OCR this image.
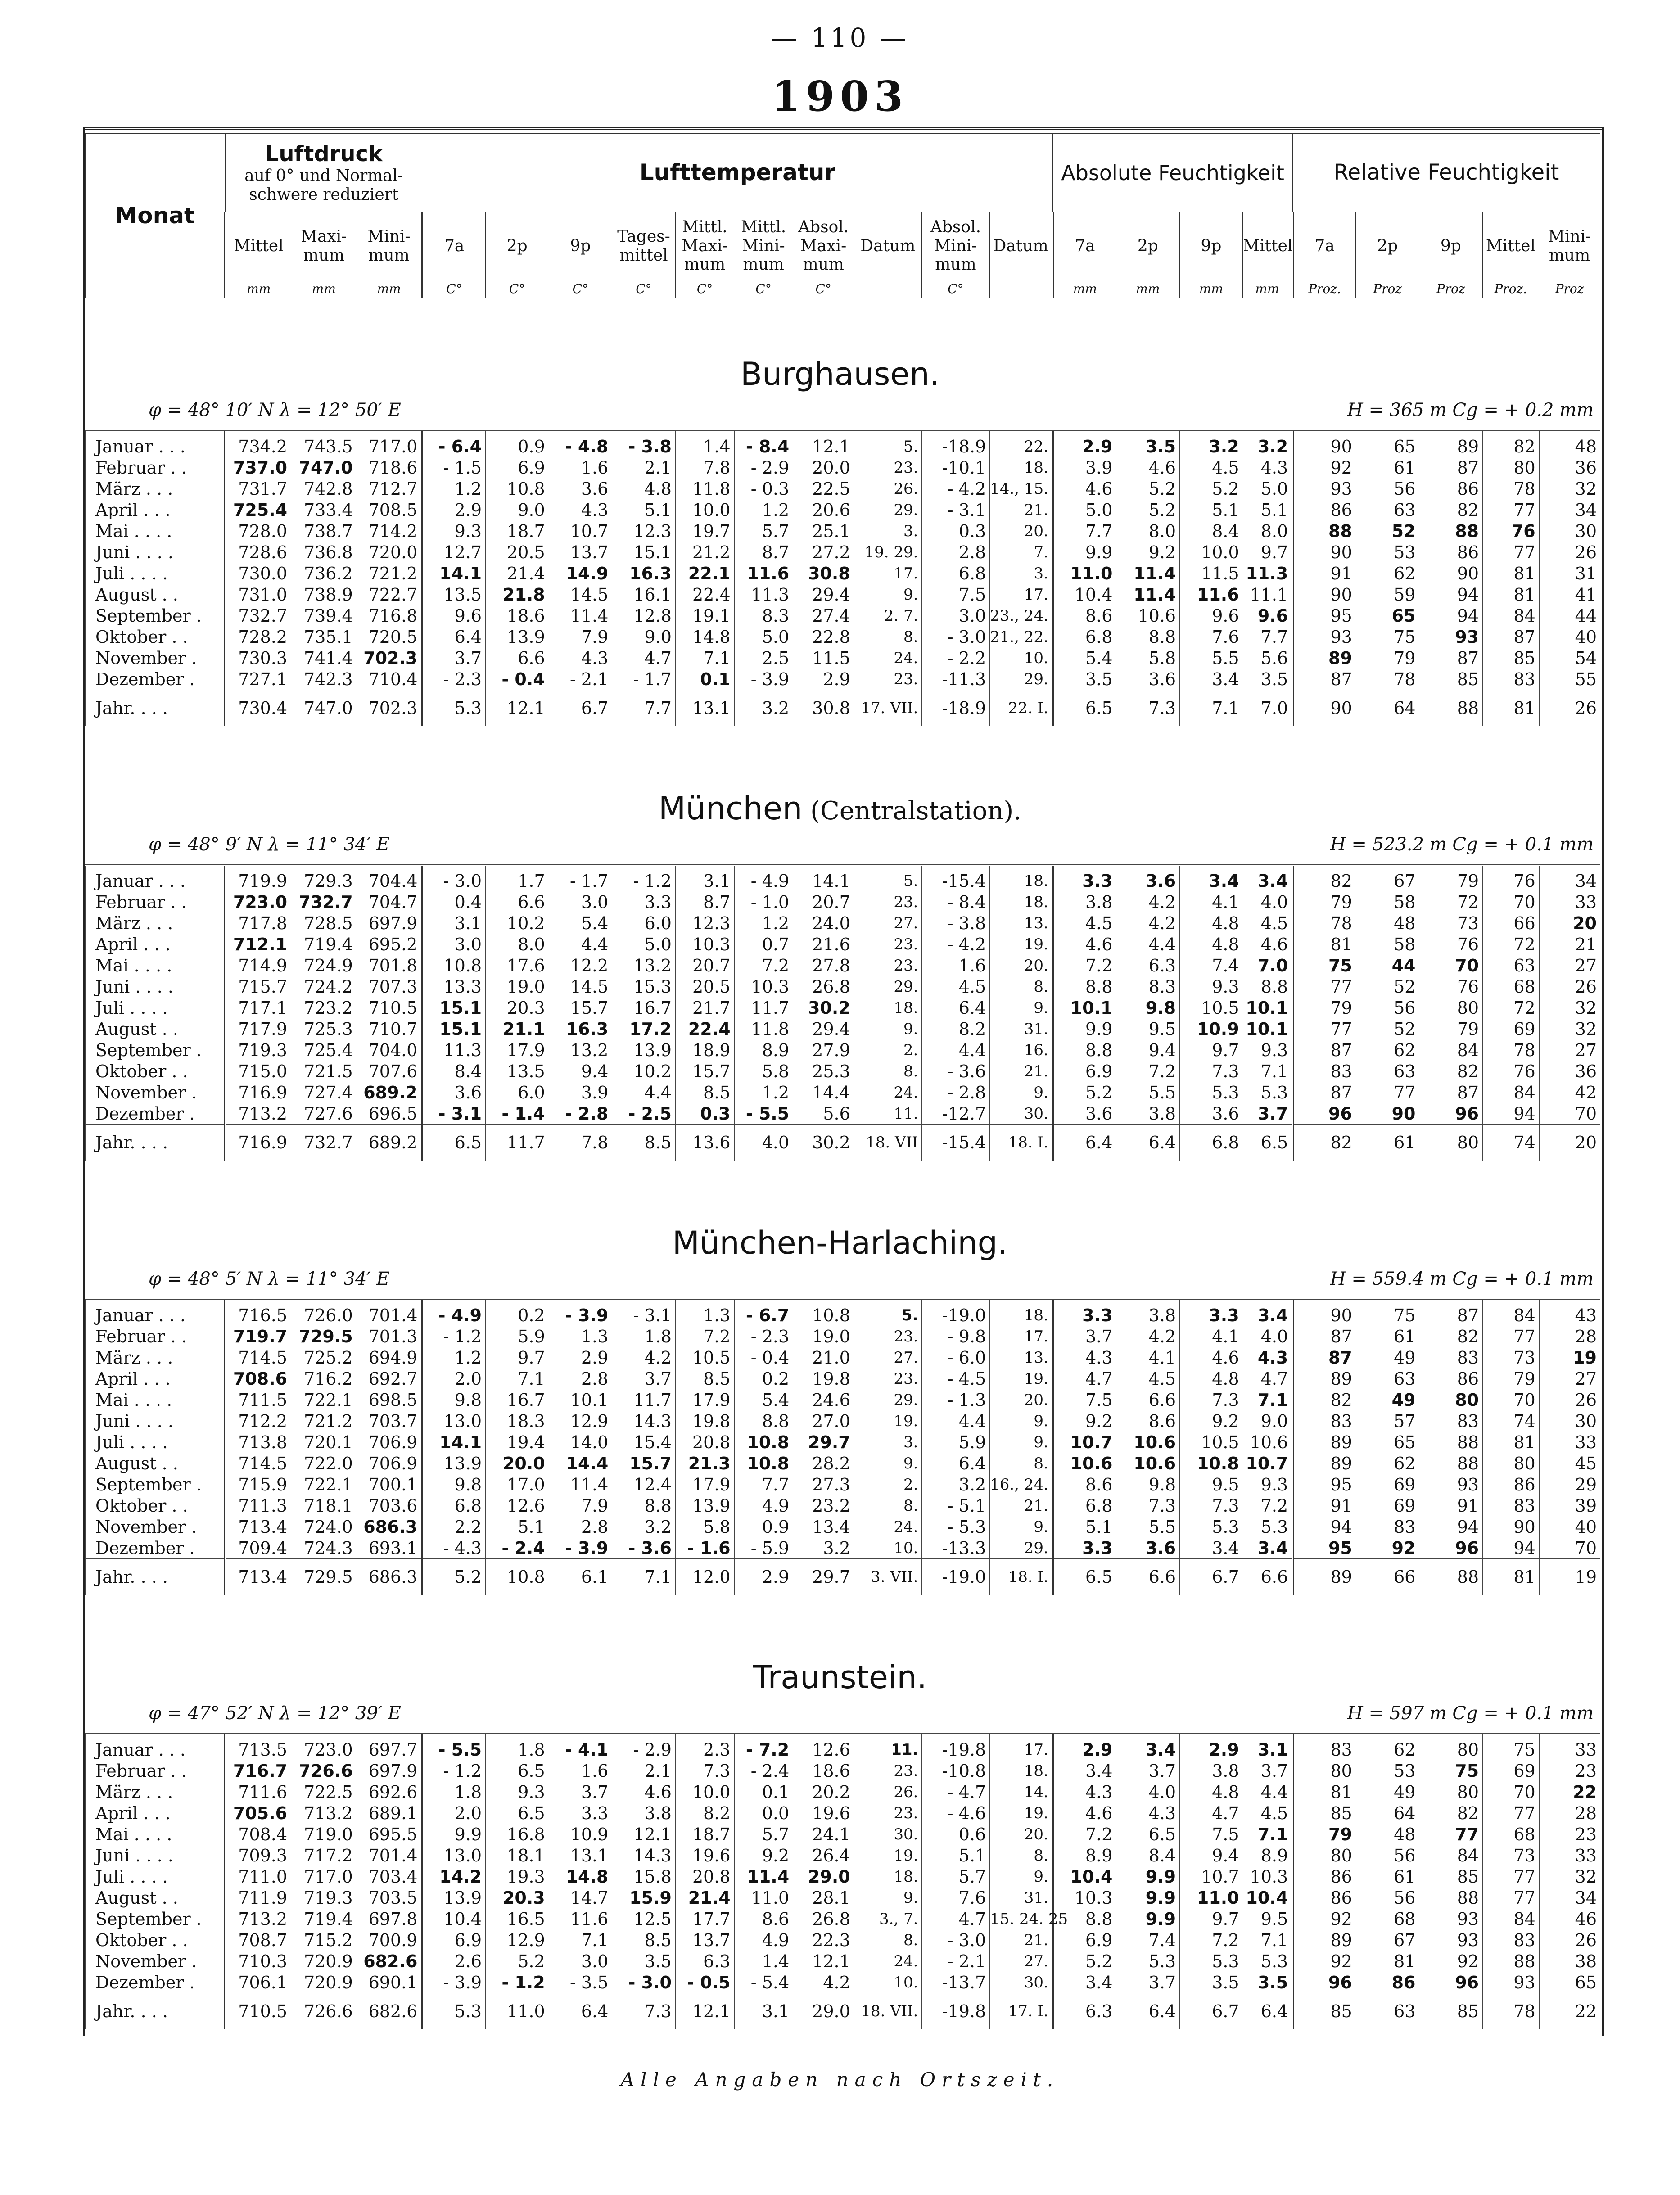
— 110 —
1903
Monat	Luftdruck
auf 0° und Normal-schwere reduziert			Lufttemperatur										Absolute Feuchtigkeit				Relative Feuchtigkeit				
	Mittel	Maxi-mum	Mini-mum	7a	2p	9p	Tages-mittel	Mittl. Maxi-mum	Mittl. Mini-mum	Absol. Maxi-mum	Datum	Absol. Mini-mum	Datum	7a	2p	9p	Mittel	7a	2p	9p	Mittel	Mini-mum
	mm	mm	mm	C°	C°	C°	C°	C°	C°	C°		C°		mm	mm	mm	mm	Proz.	Proz	Proz	Proz.	Proz
Burghausen.
φ = 48° 10′ N λ = 12° 50′ E	H = 365 m Cg = + 0.2 mm
Januar . . .	734.2	743.5	717.0	- 6.4	0.9	- 4.8	- 3.8	1.4	- 8.4	12.1	5.	-18.9	22.	2.9	3.5	3.2	3.2	90	65	89	82	48
Februar . .	737.0	747.0	718.6	- 1.5	6.9	1.6	2.1	7.8	- 2.9	20.0	23.	-10.1	18.	3.9	4.6	4.5	4.3	92	61	87	80	36
März . . .	731.7	742.8	712.7	1.2	10.8	3.6	4.8	11.8	- 0.3	22.5	26.	- 4.2	14., 15.	4.6	5.2	5.2	5.0	93	56	86	78	32
April . . .	725.4	733.4	708.5	2.9	9.0	4.3	5.1	10.0	1.2	20.6	29.	- 3.1	21.	5.0	5.2	5.1	5.1	86	63	82	77	34
Mai . . . .	728.0	738.7	714.2	9.3	18.7	10.7	12.3	19.7	5.7	25.1	3.	0.3	20.	7.7	8.0	8.4	8.0	88	52	88	76	30
Juni . . . .	728.6	736.8	720.0	12.7	20.5	13.7	15.1	21.2	8.7	27.2	19. 29.	2.8	7.	9.9	9.2	10.0	9.7	90	53	86	77	26
Juli . . . .	730.0	736.2	721.2	14.1	21.4	14.9	16.3	22.1	11.6	30.8	17.	6.8	3.	11.0	11.4	11.5	11.3	91	62	90	81	31
August . .	731.0	738.9	722.7	13.5	21.8	14.5	16.1	22.4	11.3	29.4	9.	7.5	17.	10.4	11.4	11.6	11.1	90	59	94	81	41
September .	732.7	739.4	716.8	9.6	18.6	11.4	12.8	19.1	8.3	27.4	2. 7.	3.0	23., 24.	8.6	10.6	9.6	9.6	95	65	94	84	44
Oktober . .	728.2	735.1	720.5	6.4	13.9	7.9	9.0	14.8	5.0	22.8	8.	- 3.0	21., 22.	6.8	8.8	7.6	7.7	93	75	93	87	40
November .	730.3	741.4	702.3	3.7	6.6	4.3	4.7	7.1	2.5	11.5	24.	- 2.2	10.	5.4	5.8	5.5	5.6	89	79	87	85	54
Dezember .	727.1	742.3	710.4	- 2.3	- 0.4	- 2.1	- 1.7	0.1	- 3.9	2.9	23.	-11.3	29.	3.5	3.6	3.4	3.5	87	78	85	83	55
Jahr. . . .	730.4	747.0	702.3	5.3	12.1	6.7	7.7	13.1	3.2	30.8	17. VII.	-18.9	22. I.	6.5	7.3	7.1	7.0	90	64	88	81	26
München (Centralstation).
φ = 48° 9′ N λ = 11° 34′ E	H = 523.2 m Cg = + 0.1 mm
Januar . . .	719.9	729.3	704.4	- 3.0	1.7	- 1.7	- 1.2	3.1	- 4.9	14.1	5.	-15.4	18.	3.3	3.6	3.4	3.4	82	67	79	76	34
Februar . .	723.0	732.7	704.7	0.4	6.6	3.0	3.3	8.7	- 1.0	20.7	23.	- 8.4	18.	3.8	4.2	4.1	4.0	79	58	72	70	33
März . . .	717.8	728.5	697.9	3.1	10.2	5.4	6.0	12.3	1.2	24.0	27.	- 3.8	13.	4.5	4.2	4.8	4.5	78	48	73	66	20
April . . .	712.1	719.4	695.2	3.0	8.0	4.4	5.0	10.3	0.7	21.6	23.	- 4.2	19.	4.6	4.4	4.8	4.6	81	58	76	72	21
Mai . . . .	714.9	724.9	701.8	10.8	17.6	12.2	13.2	20.7	7.2	27.8	23.	1.6	20.	7.2	6.3	7.4	7.0	75	44	70	63	27
Juni . . . .	715.7	724.2	707.3	13.3	19.0	14.5	15.3	20.5	10.3	26.8	29.	4.5	8.	8.8	8.3	9.3	8.8	77	52	76	68	26
Juli . . . .	717.1	723.2	710.5	15.1	20.3	15.7	16.7	21.7	11.7	30.2	18.	6.4	9.	10.1	9.8	10.5	10.1	79	56	80	72	32
August . .	717.9	725.3	710.7	15.1	21.1	16.3	17.2	22.4	11.8	29.4	9.	8.2	31.	9.9	9.5	10.9	10.1	77	52	79	69	32
September .	719.3	725.4	704.0	11.3	17.9	13.2	13.9	18.9	8.9	27.9	2.	4.4	16.	8.8	9.4	9.7	9.3	87	62	84	78	27
Oktober . .	715.0	721.5	707.6	8.4	13.5	9.4	10.2	15.7	5.8	25.3	8.	- 3.6	21.	6.9	7.2	7.3	7.1	83	63	82	76	36
November .	716.9	727.4	689.2	3.6	6.0	3.9	4.4	8.5	1.2	14.4	24.	- 2.8	9.	5.2	5.5	5.3	5.3	87	77	87	84	42
Dezember .	713.2	727.6	696.5	- 3.1	- 1.4	- 2.8	- 2.5	0.3	- 5.5	5.6	11.	-12.7	30.	3.6	3.8	3.6	3.7	96	90	96	94	70
Jahr. . . .	716.9	732.7	689.2	6.5	11.7	7.8	8.5	13.6	4.0	30.2	18. VII	-15.4	18. I.	6.4	6.4	6.8	6.5	82	61	80	74	20
München-Harlaching.
φ = 48° 5′ N λ = 11° 34′ E	H = 559.4 m Cg = + 0.1 mm
Januar . . .	716.5	726.0	701.4	- 4.9	0.2	- 3.9	- 3.1	1.3	- 6.7	10.8	5.	-19.0	18.	3.3	3.8	3.3	3.4	90	75	87	84	43
Februar . .	719.7	729.5	701.3	- 1.2	5.9	1.3	1.8	7.2	- 2.3	19.0	23.	- 9.8	17.	3.7	4.2	4.1	4.0	87	61	82	77	28
März . . .	714.5	725.2	694.9	1.2	9.7	2.9	4.2	10.5	- 0.4	21.0	27.	- 6.0	13.	4.3	4.1	4.6	4.3	87	49	83	73	19
April . . .	708.6	716.2	692.7	2.0	7.1	2.8	3.7	8.5	0.2	19.8	23.	- 4.5	19.	4.7	4.5	4.8	4.7	89	63	86	79	27
Mai . . . .	711.5	722.1	698.5	9.8	16.7	10.1	11.7	17.9	5.4	24.6	29.	- 1.3	20.	7.5	6.6	7.3	7.1	82	49	80	70	26
Juni . . . .	712.2	721.2	703.7	13.0	18.3	12.9	14.3	19.8	8.8	27.0	19.	4.4	9.	9.2	8.6	9.2	9.0	83	57	83	74	30
Juli . . . .	713.8	720.1	706.9	14.1	19.4	14.0	15.4	20.8	10.8	29.7	3.	5.9	9.	10.7	10.6	10.5	10.6	89	65	88	81	33
August . .	714.5	722.0	706.9	13.9	20.0	14.4	15.7	21.3	10.8	28.2	9.	6.4	8.	10.6	10.6	10.8	10.7	89	62	88	80	45
September .	715.9	722.1	700.1	9.8	17.0	11.4	12.4	17.9	7.7	27.3	2.	3.2	16., 24.	8.6	9.8	9.5	9.3	95	69	93	86	29
Oktober . .	711.3	718.1	703.6	6.8	12.6	7.9	8.8	13.9	4.9	23.2	8.	- 5.1	21.	6.8	7.3	7.3	7.2	91	69	91	83	39
November .	713.4	724.0	686.3	2.2	5.1	2.8	3.2	5.8	0.9	13.4	24.	- 5.3	9.	5.1	5.5	5.3	5.3	94	83	94	90	40
Dezember .	709.4	724.3	693.1	- 4.3	- 2.4	- 3.9	- 3.6	- 1.6	- 5.9	3.2	10.	-13.3	29.	3.3	3.6	3.4	3.4	95	92	96	94	70
Jahr. . . .	713.4	729.5	686.3	5.2	10.8	6.1	7.1	12.0	2.9	29.7	3. VII.	-19.0	18. I.	6.5	6.6	6.7	6.6	89	66	88	81	19
Traunstein.
φ = 47° 52′ N λ = 12° 39′ E	H = 597 m Cg = + 0.1 mm
Januar . . .	713.5	723.0	697.7	- 5.5	1.8	- 4.1	- 2.9	2.3	- 7.2	12.6	11.	-19.8	17.	2.9	3.4	2.9	3.1	83	62	80	75	33
Februar . .	716.7	726.6	697.9	- 1.2	6.5	1.6	2.1	7.3	- 2.4	18.6	23.	-10.8	18.	3.4	3.7	3.8	3.7	80	53	75	69	23
März . . .	711.6	722.5	692.6	1.8	9.3	3.7	4.6	10.0	0.1	20.2	26.	- 4.7	14.	4.3	4.0	4.8	4.4	81	49	80	70	22
April . . .	705.6	713.2	689.1	2.0	6.5	3.3	3.8	8.2	0.0	19.6	23.	- 4.6	19.	4.6	4.3	4.7	4.5	85	64	82	77	28
Mai . . . .	708.4	719.0	695.5	9.9	16.8	10.9	12.1	18.7	5.7	24.1	30.	0.6	20.	7.2	6.5	7.5	7.1	79	48	77	68	23
Juni . . . .	709.3	717.2	701.4	13.0	18.1	13.1	14.3	19.6	9.2	26.4	19.	5.1	8.	8.9	8.4	9.4	8.9	80	56	84	73	33
Juli . . . .	711.0	717.0	703.4	14.2	19.3	14.8	15.8	20.8	11.4	29.0	18.	5.7	9.	10.4	9.9	10.7	10.3	86	61	85	77	32
August . .	711.9	719.3	703.5	13.9	20.3	14.7	15.9	21.4	11.0	28.1	9.	7.6	31.	10.3	9.9	11.0	10.4	86	56	88	77	34
September .	713.2	719.4	697.8	10.4	16.5	11.6	12.5	17.7	8.6	26.8	3., 7.	4.7	15. 24. 25	8.8	9.9	9.7	9.5	92	68	93	84	46
Oktober . .	708.7	715.2	700.9	6.9	12.9	7.1	8.5	13.7	4.9	22.3	8.	- 3.0	21.	6.9	7.4	7.2	7.1	89	67	93	83	26
November .	710.3	720.9	682.6	2.6	5.2	3.0	3.5	6.3	1.4	12.1	24.	- 2.1	27.	5.2	5.3	5.3	5.3	92	81	92	88	38
Dezember .	706.1	720.9	690.1	- 3.9	- 1.2	- 3.5	- 3.0	- 0.5	- 5.4	4.2	10.	-13.7	30.	3.4	3.7	3.5	3.5	96	86	96	93	65
Jahr. . . .	710.5	726.6	682.6	5.3	11.0	6.4	7.3	12.1	3.1	29.0	18. VII.	-19.8	17. I.	6.3	6.4	6.7	6.4	85	63	85	78	22
Alle Angaben nach Ortszeit.
